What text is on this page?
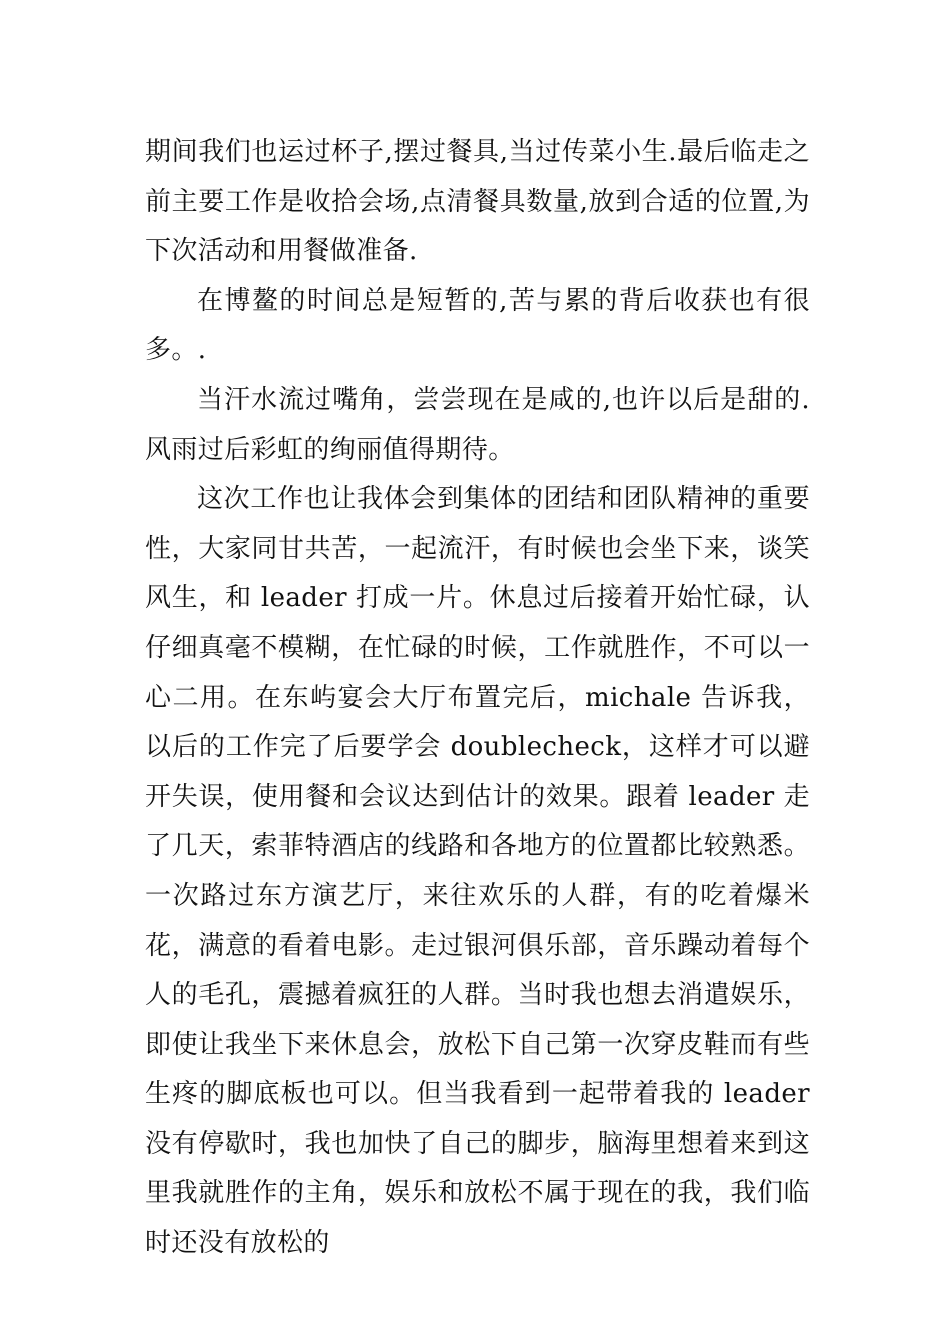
期间我们也运过杯子,摆过餐具,当过传菜小生.最后临走之前主要工作是收拾会场,点清餐具数量,放到合适的位置,为下次活动和用餐做准备.

在博鳌的时间总是短暂的,苦与累的背后收获也有很多。.

当汗水流过嘴角，尝尝现在是咸的,也许以后是甜的.风雨过后彩虹的绚丽值得期待。

这次工作也让我体会到集体的团结和团队精神的重要性，大家同甘共苦，一起流汗，有时候也会坐下来，谈笑风生，和 leader 打成一片。休息过后接着开始忙碌，认仔细真毫不模糊，在忙碌的时候，工作就胜作，不可以一心二用。在东屿宴会大厅布置完后，michale 告诉我，以后的工作完了后要学会 doublecheck，这样才可以避开失误，使用餐和会议达到估计的效果。跟着 leader 走了几天，索菲特酒店的线路和各地方的位置都比较熟悉。一次路过东方演艺厅，来往欢乐的人群，有的吃着爆米花，满意的看着电影。走过银河俱乐部，音乐躁动着每个人的毛孔，震撼着疯狂的人群。当时我也想去消遣娱乐，即使让我坐下来休息会，放松下自己第一次穿皮鞋而有些生疼的脚底板也可以。但当我看到一起带着我的 leader 没有停歇时，我也加快了自己的脚步，脑海里想着来到这里我就胜作的主角，娱乐和放松不属于现在的我，我们临时还没有放松的
